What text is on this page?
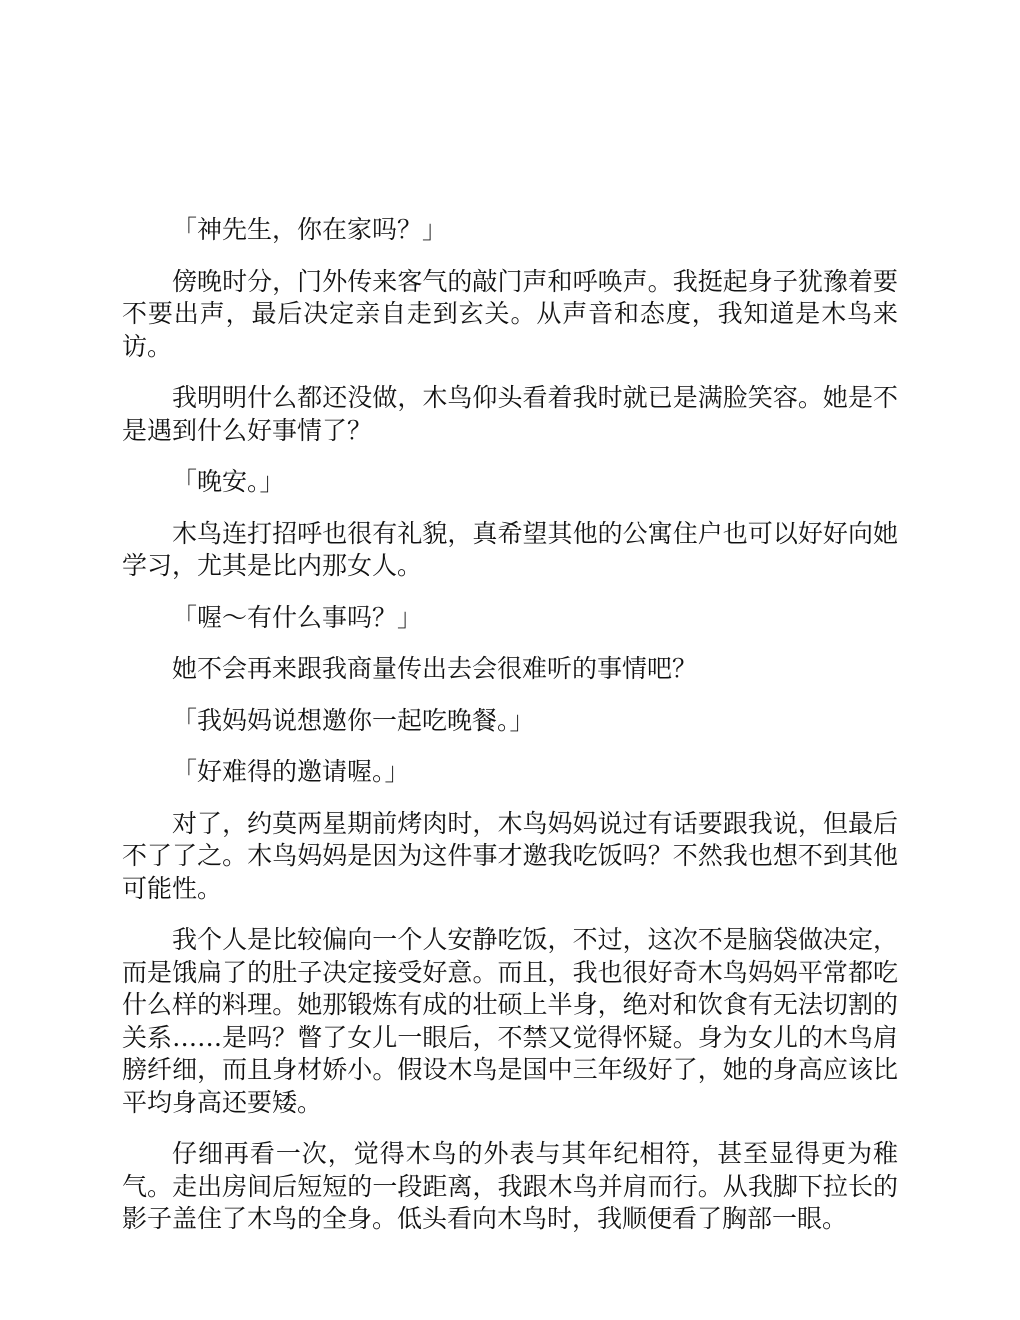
「神先生，你在家吗？」

傍晚时分，门外传来客气的敲门声和呼唤声。我挺起身子犹豫着要不要出声，最后决定亲自走到玄关。从声音和态度，我知道是木鸟来访。

我明明什么都还没做，木鸟仰头看着我时就已是满脸笑容。她是不是遇到什么好事情了？

「晚安。」

木鸟连打招呼也很有礼貌，真希望其他的公寓住户也可以好好向她学习，尤其是比内那女人。

「喔～有什么事吗？」

她不会再来跟我商量传出去会很难听的事情吧？

「我妈妈说想邀你一起吃晚餐。」

「好难得的邀请喔。」

对了，约莫两星期前烤肉时，木鸟妈妈说过有话要跟我说，但最后不了了之。木鸟妈妈是因为这件事才邀我吃饭吗？不然我也想不到其他可能性。

我个人是比较偏向一个人安静吃饭，不过，这次不是脑袋做决定，而是饿扁了的肚子决定接受好意。而且，我也很好奇木鸟妈妈平常都吃什么样的料理。她那锻炼有成的壮硕上半身，绝对和饮食有无法切割的关系……是吗？瞥了女儿一眼后，不禁又觉得怀疑。身为女儿的木鸟肩膀纤细，而且身材娇小。假设木鸟是国中三年级好了，她的身高应该比平均身高还要矮。

仔细再看一次，觉得木鸟的外表与其年纪相符，甚至显得更为稚气。走出房间后短短的一段距离，我跟木鸟并肩而行。从我脚下拉长的影子盖住了木鸟的全身。低头看向木鸟时，我顺便看了胸部一眼。
